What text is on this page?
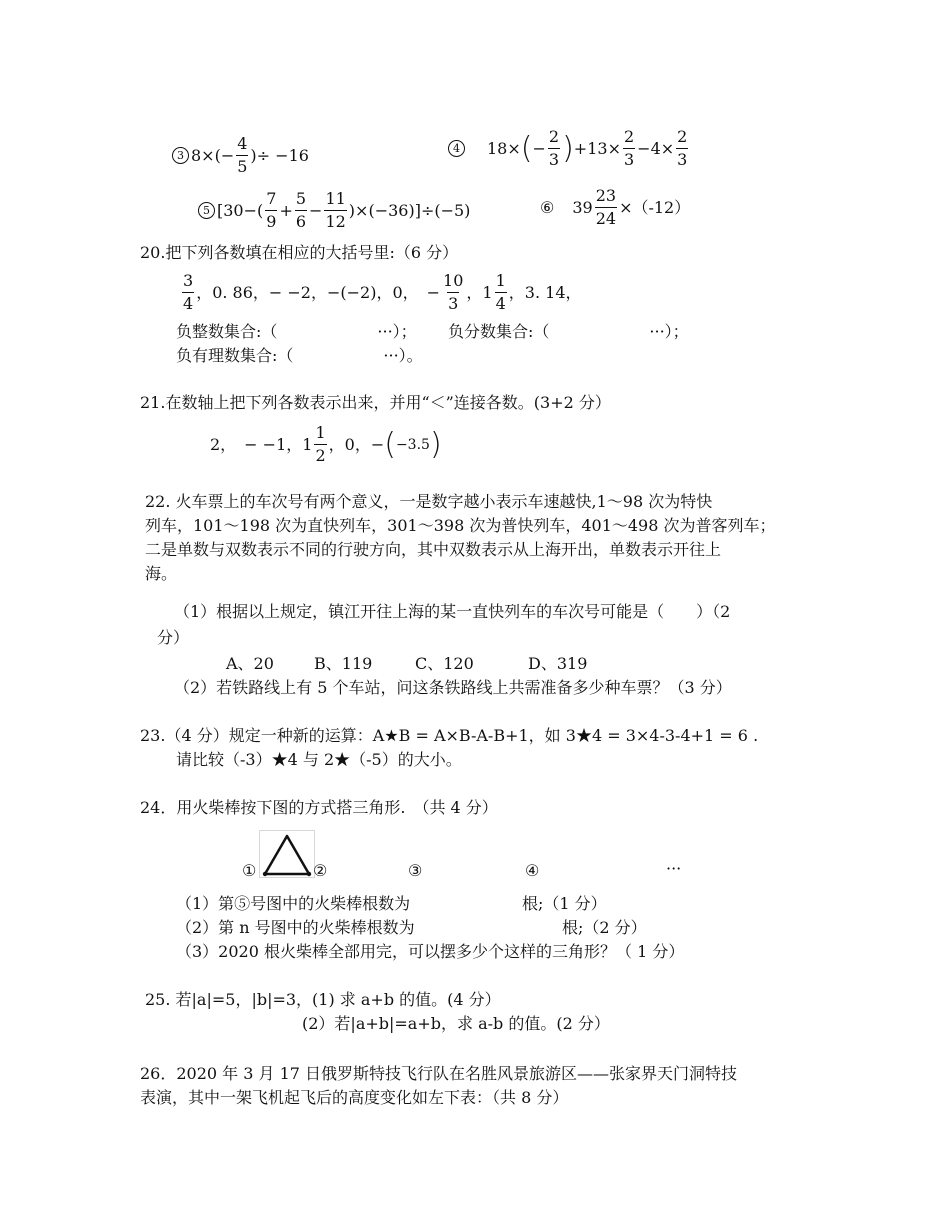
3 $8\times(- \frac{4}{5}$ )÷ −16	4	18× ( − $\frac{2}{3}$ ) $+13\times \frac{2}{3} -4\times \frac{2}{3}$
5 $[30-( \frac{7}{9} + \frac{5}{6} - \frac{11}{12} )\times(-36)]\div(-5)$	⑥ $39 \frac{23}{24} \times(-12)$
20.把下列各数填在相应的大括号里:（6 分）
$\frac{3}{4}$ ，0. 86，− −2，−(−2)，0，　− $\frac{10}{3}$ ，$1 \frac{1}{4}$ ，3. 14，
负整数集合:（	···）； 负分数集合:（	···）；
负有理数集合:（	···）。
21.在数轴上把下列各数表示出来，并用“＜”连接各数。(3+2 分）
2，　− −1，$1 \frac{1}{2}$ ，0，− ( −3.5 )
22. 火车票上的车次号有两个意义，一是数字越小表示车速越快,1～98 次为特快
列车，101～198 次为直快列车，301～398 次为普快列车，401～498 次为普客列车；
二是单数与双数表示不同的行驶方向，其中双数表示从上海开出，单数表示开往上
海。
（1）根据以上规定，镇江开往上海的某一直快列车的车次号可能是（　　）（2
分）
A、20	B、119	C、120	D、319
（2）若铁路线上有 5 个车站，问这条铁路线上共需准备多少种车票？（3 分）
23.（4 分）规定一种新的运算：A★B = A×B-A-B+1，如 3★4 = 3×4-3-4+1 = 6 .
请比较（-3）★4 与 2★（-5）的大小。
24．用火柴棒按下图的方式搭三角形.　（共 4 分）
①	②	③	④	···
（1）第⑤号图中的火柴棒根数为	根;（1 分）
（2）第 n 号图中的火柴棒根数为	根;（2 分）
（3）2020 根火柴棒全部用完，可以摆多少个这样的三角形？（ 1 分）
25. 若|a|=5，|b|=3，(1) 求 a+b 的值。(4 分）
(2）若|a+b|=a+b，求 a-b 的值。(2 分）
26．2020 年 3 月 17 日俄罗斯特技飞行队在名胜风景旅游区——张家界天门洞特技
表演，其中一架飞机起飞后的高度变化如左下表：（共 8 分）
